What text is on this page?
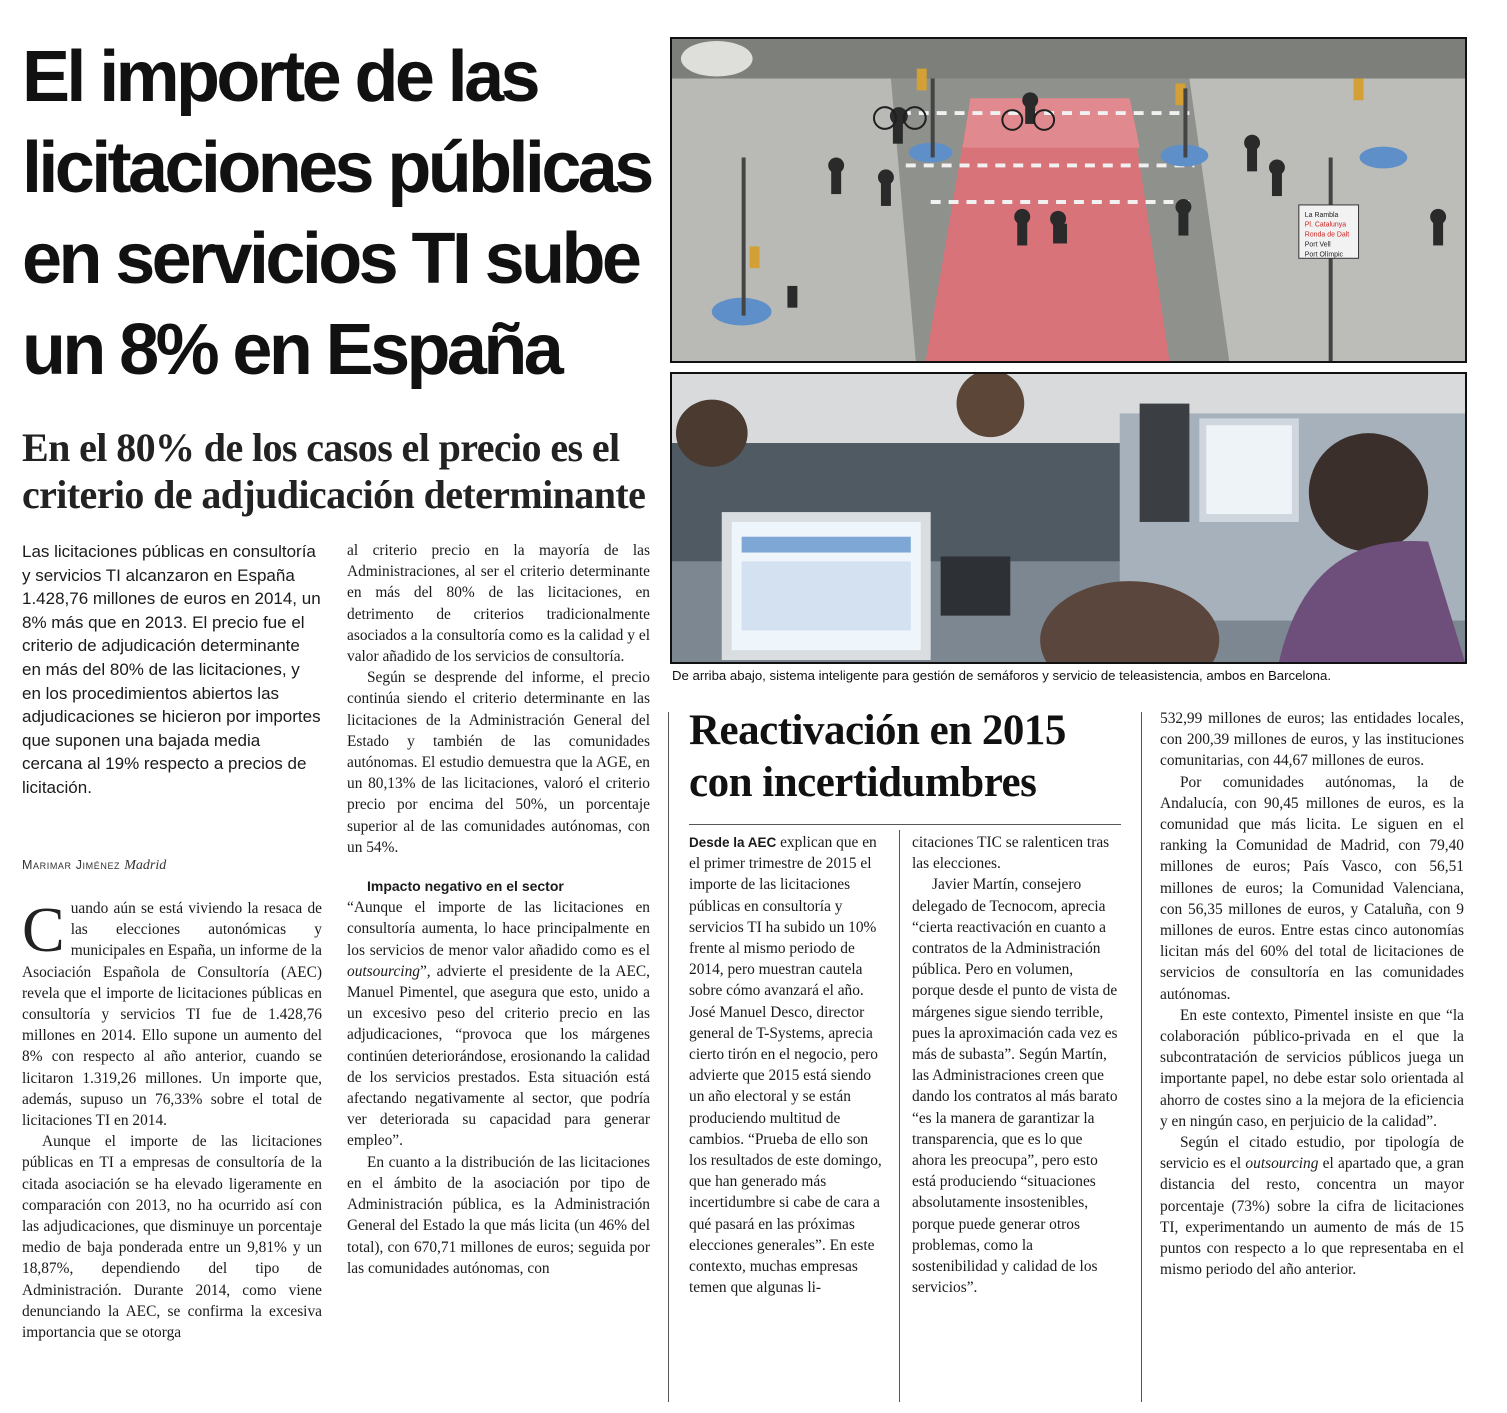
El importe de las licitaciones públicas en servicios TI sube un 8% en España
En el 80% de los casos el precio es el criterio de adjudicación determinante

Las licitaciones públicas en consultoría y servicios TI alcanzaron en España 1.428,76 millones de euros en 2014, un 8% más que en 2013. El precio fue el criterio de adjudicación determinante en más del 80% de las licitaciones, y en los procedimientos abiertos las adjudicaciones se hicieron por importes que suponen una bajada media cercana al 19% respecto a precios de licitación.

Marimar Jiménez Madrid

Cuando aún se está viviendo la resaca de las elecciones autonómicas y municipales en España, un informe de la Asociación Española de Consultoría (AEC) revela que el importe de licitaciones públicas en consultoría y servicios TI fue de 1.428,76 millones en 2014. Ello supone un aumento del 8% con respecto al año anterior, cuando se licitaron 1.319,26 millones. Un importe que, además, supuso un 76,33% sobre el total de licitaciones TI en 2014.

Aunque el importe de las licitaciones públicas en TI a empresas de consultoría de la citada asociación se ha elevado ligeramente en comparación con 2013, no ha ocurrido así con las adjudicaciones, que disminuye un porcentaje medio de baja ponderada entre un 9,81% y un 18,87%, dependiendo del tipo de Administración. Durante 2014, como viene denunciando la AEC, se confirma la excesiva importancia que se otorga

al criterio precio en la mayoría de las Administraciones, al ser el criterio determinante en más del 80% de las licitaciones, en detrimento de criterios tradicionalmente asociados a la consultoría como es la calidad y el valor añadido de los servicios de consultoría.

Según se desprende del informe, el precio continúa siendo el criterio determinante en las licitaciones de la Administración General del Estado y también de las comunidades autónomas. El estudio demuestra que la AGE, en un 80,13% de las licitaciones, valoró el criterio precio por encima del 50%, un porcentaje superior al de las comunidades autónomas, con un 54%.

Impacto negativo en el sector

“Aunque el importe de las licitaciones en consultoría aumenta, lo hace principalmente en los servicios de menor valor añadido como es el outsourcing”, advierte el presidente de la AEC, Manuel Pimentel, que asegura que esto, unido a un excesivo peso del criterio precio en las adjudicaciones, “provoca que los márgenes continúen deteriorándose, erosionando la calidad de los servicios prestados. Esta situación está afectando negativamente al sector, que podría ver deteriorada su capacidad para generar empleo”.

En cuanto a la distribución de las licitaciones en el ámbito de la asociación por tipo de Administración pública, es la Administración General del Estado la que más licita (un 46% del total), con 670,71 millones de euros; seguida por las comunidades autónomas, con

La Rambla
Pl. Catalunya
Ronda de Dalt
Port Vell
Port Olímpic

De arriba abajo, sistema inteligente para gestión de semáforos y servicio de teleasistencia, ambos en Barcelona.

Reactivación en 2015 con incertidumbres

Desde la AEC explican que en el primer trimestre de 2015 el importe de las licitaciones públicas en consultoría y servicios TI ha subido un 10% frente al mismo periodo de 2014, pero muestran cautela sobre cómo avanzará el año. José Manuel Desco, director general de T-Systems, aprecia cierto tirón en el negocio, pero advierte que 2015 está siendo un año electoral y se están produciendo multitud de cambios. “Prueba de ello son los resultados de este domingo, que han generado más incertidumbre si cabe de cara a qué pasará en las próximas elecciones generales”. En este contexto, muchas empresas temen que algunas li-

citaciones TIC se ralenticen tras las elecciones.

Javier Martín, consejero delegado de Tecnocom, aprecia “cierta reactivación en cuanto a contratos de la Administración pública. Pero en volumen, porque desde el punto de vista de márgenes sigue siendo terrible, pues la aproximación cada vez es más de subasta”. Según Martín, las Administraciones creen que dando los contratos al más barato “es la manera de garantizar la transparencia, que es lo que ahora les preocupa”, pero esto está produciendo “situaciones absolutamente insostenibles, porque puede generar otros problemas, como la sostenibilidad y calidad de los servicios”.

532,99 millones de euros; las entidades locales, con 200,39 millones de euros, y las instituciones comunitarias, con 44,67 millones de euros.

Por comunidades autónomas, la de Andalucía, con 90,45 millones de euros, es la comunidad que más licita. Le siguen en el ranking la Comunidad de Madrid, con 79,40 millones de euros; País Vasco, con 56,51 millones de euros; la Comunidad Valenciana, con 56,35 millones de euros, y Cataluña, con 9 millones de euros. Entre estas cinco autonomías licitan más del 60% del total de licitaciones de servicios de consultoría en las comunidades autónomas.

En este contexto, Pimentel insiste en que “la colaboración público-privada en el que la subcontratación de servicios públicos juega un importante papel, no debe estar solo orientada al ahorro de costes sino a la mejora de la eficiencia y en ningún caso, en perjuicio de la calidad”.

Según el citado estudio, por tipología de servicio es el outsourcing el apartado que, a gran distancia del resto, concentra un mayor porcentaje (73%) sobre la cifra de licitaciones TI, experimentando un aumento de más de 15 puntos con respecto a lo que representaba en el mismo periodo del año anterior.
